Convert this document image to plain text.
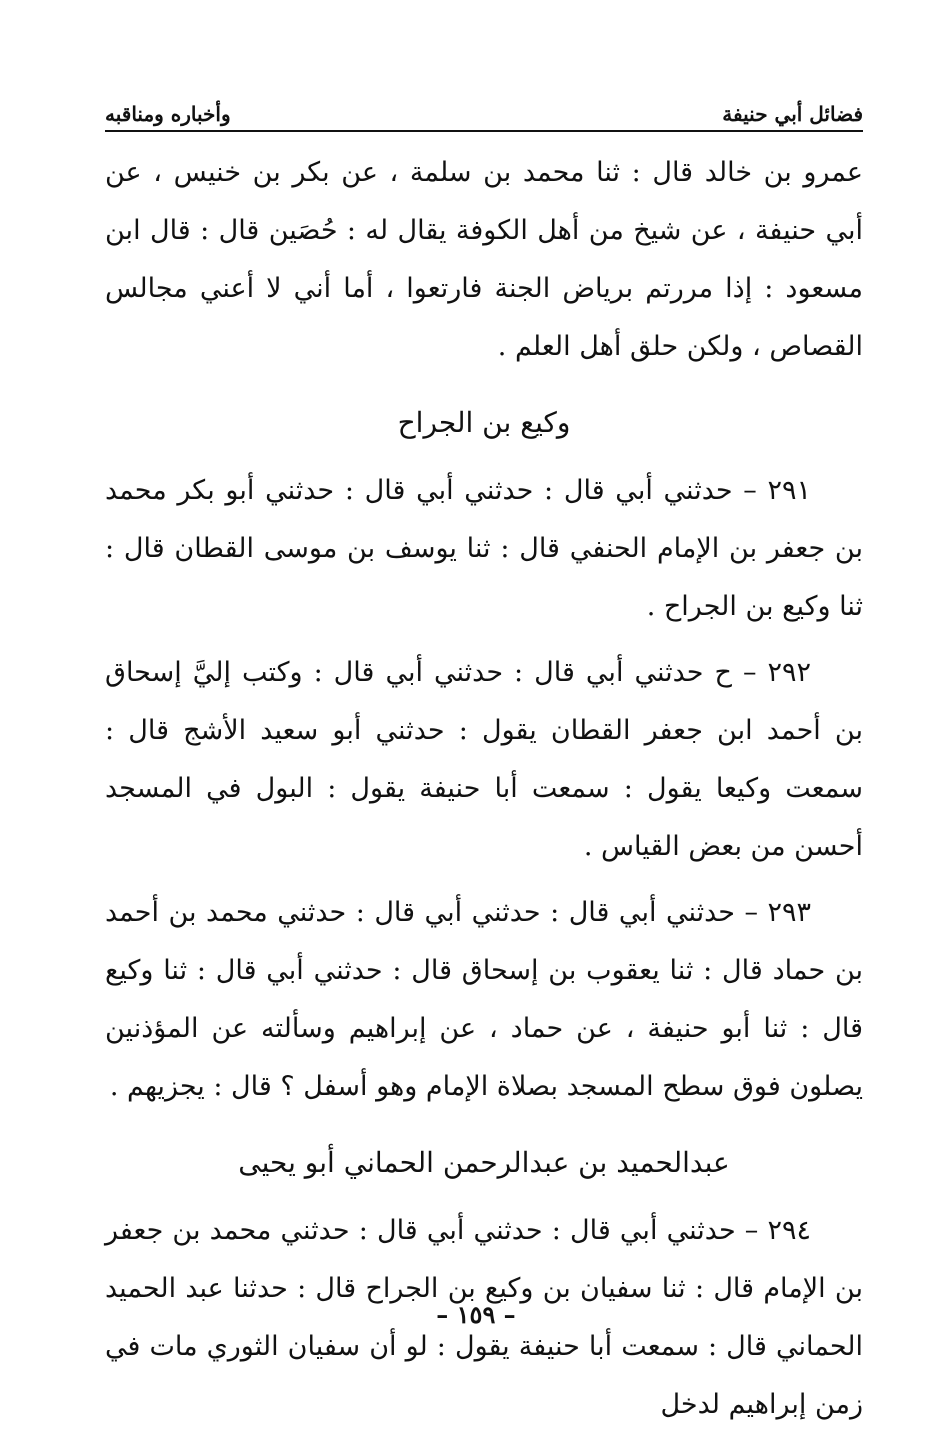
فضائل أبي حنيفة
وأخباره ومناقبه

عمرو بن خالد قال : ثنا محمد بن سلمة ، عن بكر بن خنيس ، عن أبي حنيفة ، عن شيخ من أهل الكوفة يقال له : حُصَين قال : قال ابن مسعود : إذا مررتم برياض الجنة فارتعوا ، أما أني لا أعني مجالس القصاص ، ولكن حلق أهل العلم .

وكيع بن الجراح

٢٩١ – حدثني أبي قال : حدثني أبي قال : حدثني أبو بكر محمد بن جعفر بن الإمام الحنفي قال : ثنا يوسف بن موسى القطان قال : ثنا وكيع بن الجراح .

٢٩٢ – ح حدثني أبي قال : حدثني أبي قال : وكتب إليَّ إسحاق بن أحمد ابن جعفر القطان يقول : حدثني أبو سعيد الأشج قال : سمعت وكيعا يقول : سمعت أبا حنيفة يقول : البول في المسجد أحسن من بعض القياس .

٢٩٣ – حدثني أبي قال : حدثني أبي قال : حدثني محمد بن أحمد بن حماد قال : ثنا يعقوب بن إسحاق قال : حدثني أبي قال : ثنا وكيع قال : ثنا أبو حنيفة ، عن حماد ، عن إبراهيم وسألته عن المؤذنين يصلون فوق سطح المسجد بصلاة الإمام وهو أسفل ؟ قال : يجزيهم .

عبدالحميد بن عبدالرحمن الحماني أبو يحيى

٢٩٤ – حدثني أبي قال : حدثني أبي قال : حدثني محمد بن جعفر بن الإمام قال : ثنا سفيان بن وكيع بن الجراح قال : حدثنا عبد الحميد الحماني قال : سمعت أبا حنيفة يقول : لو أن سفيان الثوري مات في زمن إبراهيم لدخل

– ١٥٩ –
